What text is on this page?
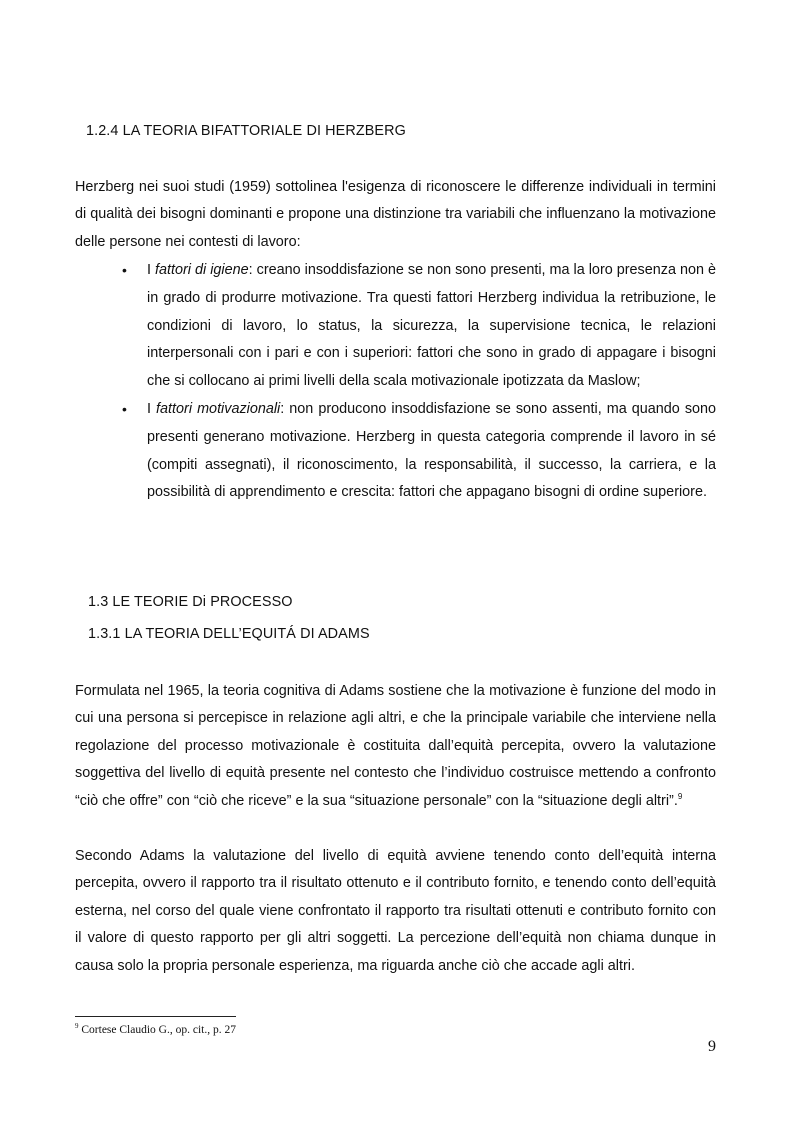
1.2.4 LA TEORIA BIFATTORIALE DI HERZBERG

Herzberg nei suoi studi (1959) sottolinea l'esigenza di riconoscere le differenze individuali in termini di qualità dei bisogni dominanti e propone una distinzione tra variabili che influenzano la motivazione delle persone nei contesti di lavoro:

• I fattori di igiene: creano insoddisfazione se non sono presenti, ma la loro presenza non è in grado di produrre motivazione. Tra questi fattori Herzberg individua la retribuzione, le condizioni di lavoro, lo status, la sicurezza, la supervisione tecnica, le relazioni interpersonali con i pari e con i superiori: fattori che sono in grado di appagare i bisogni che si collocano ai primi livelli della scala motivazionale ipotizzata da Maslow;
• I fattori motivazionali: non producono insoddisfazione se sono assenti, ma quando sono presenti generano motivazione. Herzberg in questa categoria comprende il lavoro in sé (compiti assegnati), il riconoscimento, la responsabilità, il successo, la carriera, e la possibilità di apprendimento e crescita: fattori che appagano bisogni di ordine superiore.
1.3 LE TEORIE Di PROCESSO
1.3.1 LA TEORIA DELL’EQUITÁ DI ADAMS

Formulata nel 1965, la teoria cognitiva di Adams sostiene che la motivazione è funzione del modo in cui una persona si percepisce in relazione agli altri, e che la principale variabile che interviene nella regolazione del processo motivazionale è costituita dall’equità percepita, ovvero la valutazione soggettiva del livello di equità presente nel contesto che l’individuo costruisce mettendo a confronto “ciò che offre” con “ciò che riceve” e la sua “situazione personale” con la “situazione degli altri”.$^9$

Secondo Adams la valutazione del livello di equità avviene tenendo conto dell’equità interna percepita, ovvero il rapporto tra il risultato ottenuto e il contributo fornito, e tenendo conto dell’equità esterna, nel corso del quale viene confrontato il rapporto tra risultati ottenuti e contributo fornito con il valore di questo rapporto per gli altri soggetti. La percezione dell’equità non chiama dunque in causa solo la propria personale esperienza, ma riguarda anche ciò che accade agli altri.

$^9$ Cortese Claudio G., op. cit., p. 27
9
